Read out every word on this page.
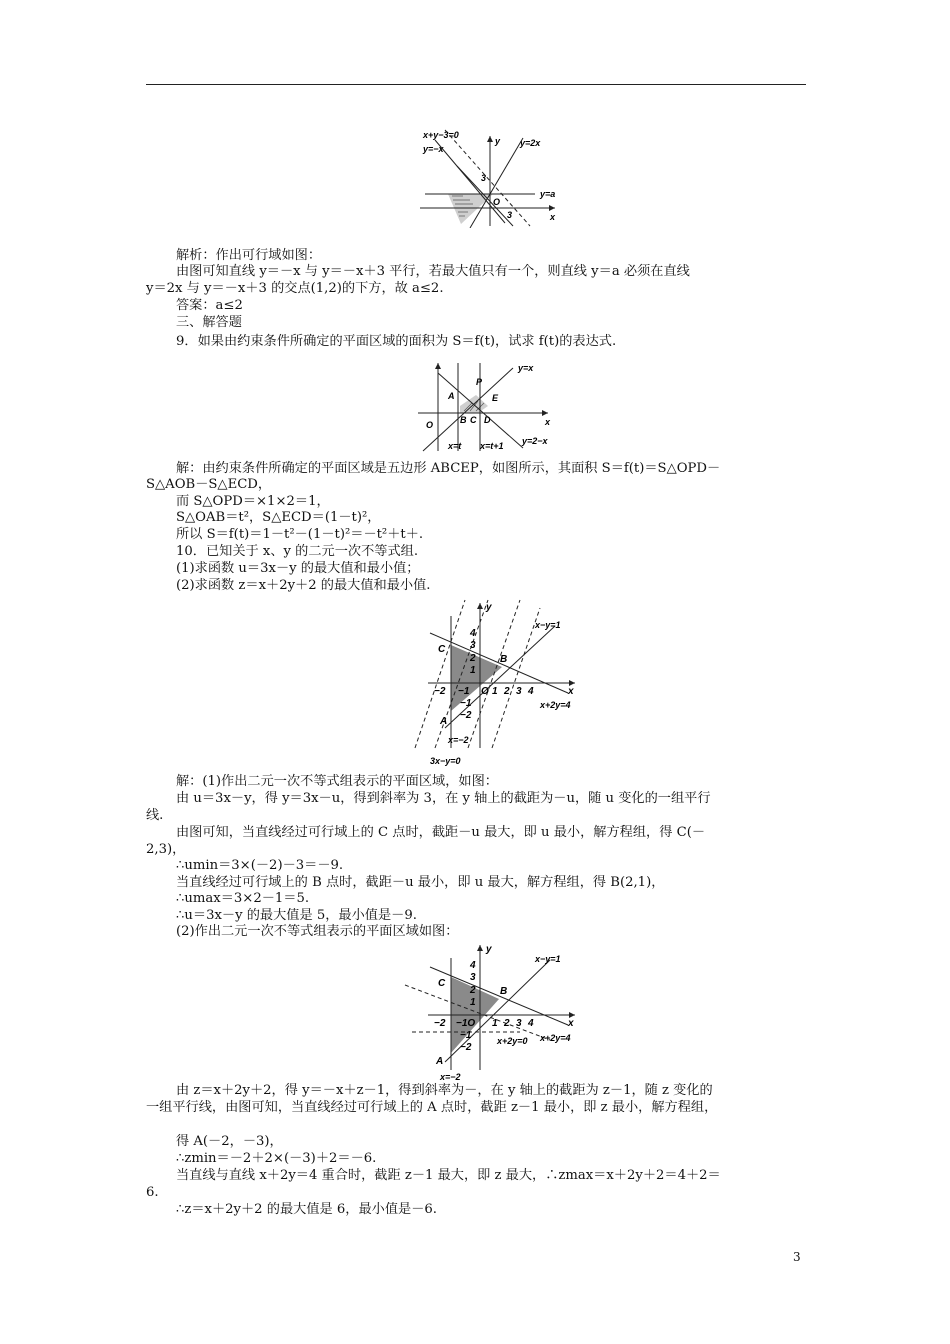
x+y−3=0
y=−x
y y=2x
3
y=a
O
3	x
y=x
P
A	E
x
O	B C D
x=t x=t+1 y=2−x
y
x−y=1
4
3
C
2 B
1
−2 −1 O 1 2 3 4	x
−1
−2
x+2y=4
A
x=−2
3x−y=0
y
x−y=1
4
3
C
2 B
1
−2 −1O 1 2 3 4	x
−1	x+2y=0 x+2y=4
−2
A
x=−2
解析：作出可行域如图：
由图可知直线 y＝－x 与 y＝－x＋3 平行，若最大值只有一个，则直线 y＝a 必须在直线
y＝2x 与 y＝－x＋3 的交点(1,2)的下方，故 a≤2.
答案：a≤2
三、解答题
9．如果由约束条件所确定的平面区域的面积为 S＝f(t)，试求 f(t)的表达式.
解：由约束条件所确定的平面区域是五边形 ABCEP，如图所示，其面积 S＝f(t)＝S△OPD－
S△AOB－S△ECD，
而 S△OPD＝×1×2＝1，
S△OAB＝t²，S△ECD＝(1－t)²，
所以 S＝f(t)＝1－t²－(1－t)²＝－t²＋t＋.
10．已知关于 x、y 的二元一次不等式组.
(1)求函数 u＝3x－y 的最大值和最小值；
(2)求函数 z＝x＋2y＋2 的最大值和最小值.
解：(1)作出二元一次不等式组表示的平面区域，如图：
由 u＝3x－y，得 y＝3x－u，得到斜率为 3，在 y 轴上的截距为－u，随 u 变化的一组平行
线.
由图可知，当直线经过可行域上的 C 点时，截距－u 最大，即 u 最小，解方程组，得 C(－
2,3)，
∴umin＝3×(－2)－3＝－9.
当直线经过可行域上的 B 点时，截距－u 最小，即 u 最大，解方程组，得 B(2,1)，
∴umax＝3×2－1＝5.
∴u＝3x－y 的最大值是 5，最小值是－9.
(2)作出二元一次不等式组表示的平面区域如图：
由 z＝x＋2y＋2，得 y＝－x＋z－1，得到斜率为－，在 y 轴上的截距为 z－1，随 z 变化的
一组平行线，由图可知，当直线经过可行域上的 A 点时，截距 z－1 最小，即 z 最小，解方程组，
得 A(－2，－3)，
∴zmin＝－2＋2×(－3)＋2＝－6.
当直线与直线 x＋2y＝4 重合时，截距 z－1 最大，即 z 最大，∴zmax＝x＋2y＋2＝4＋2＝
6.
∴z＝x＋2y＋2 的最大值是 6，最小值是－6.
3
